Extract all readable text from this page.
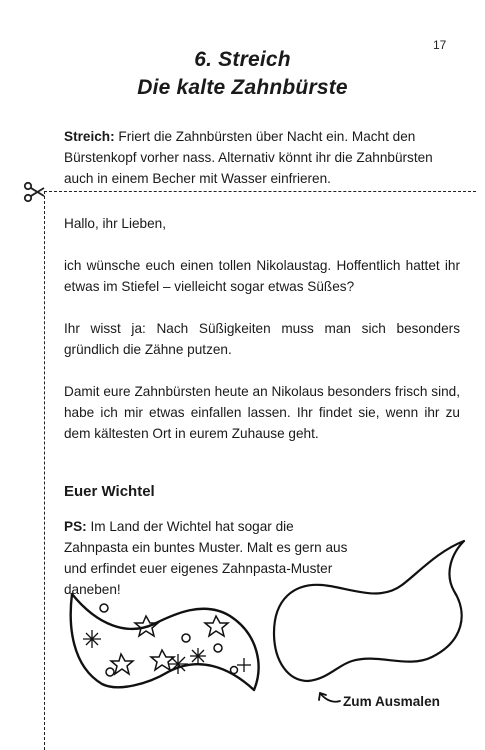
17
6. Streich
Die kalte Zahnbürste
Streich: Friert die Zahnbürsten über Nacht ein. Macht den Bürstenkopf vorher nass. Alternativ könnt ihr die Zahnbürsten auch in einem Becher mit Wasser einfrieren.

Hallo, ihr Lieben,

ich wünsche euch einen tollen Nikolaustag. Hoffentlich hattet ihr etwas im Stiefel – vielleicht sogar etwas Süßes?

Ihr wisst ja: Nach Süßigkeiten muss man sich besonders gründlich die Zähne putzen.

Damit eure Zahnbürsten heute an Nikolaus besonders frisch sind, habe ich mir etwas einfallen lassen. Ihr findet sie, wenn ihr zu dem kältesten Ort in eurem Zuhause geht.

Euer Wichtel
PS: Im Land der Wichtel hat sogar die Zahnpasta ein buntes Muster. Malt es gern aus und erfindet euer eigenes Zahnpasta-Muster daneben!
Zum Ausmalen
